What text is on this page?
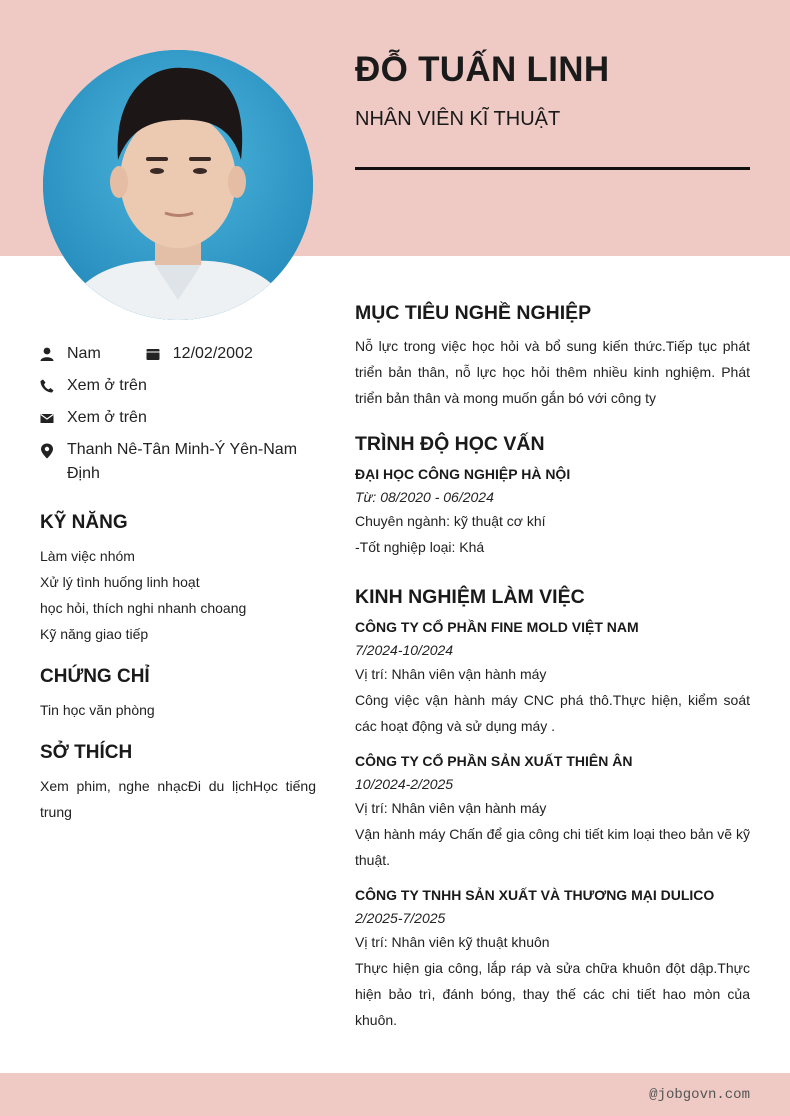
ĐỖ TUẤN LINH
NHÂN VIÊN KĨ THUẬT
Nam	12/02/2002
Xem ở trên
Xem ở trên
Thanh Nê-Tân Minh-Ý Yên-Nam Định
KỸ NĂNG
Làm việc nhóm
Xử lý tình huống linh hoạt
học hỏi, thích nghi nhanh choang
Kỹ năng giao tiếp
CHỨNG CHỈ
Tin học văn phòng
SỞ THÍCH
Xem phim, nghe nhạcĐi du lịchHọc tiếng trung
MỤC TIÊU NGHỀ NGHIỆP
Nỗ lực trong việc học hỏi và bổ sung kiến thức.Tiếp tục phát triển bản thân, nỗ lực học hỏi thêm nhiều kinh nghiệm. Phát triển bản thân và mong muốn gắn bó với công ty
TRÌNH ĐỘ HỌC VẤN
ĐẠI HỌC CÔNG NGHIỆP HÀ NỘI
Từ: 08/2020 - 06/2024
Chuyên ngành: kỹ thuật cơ khí
-Tốt nghiệp loại: Khá
KINH NGHIỆM LÀM VIỆC
CÔNG TY CỔ PHẦN FINE MOLD VIỆT NAM
7/2024-10/2024
Vị trí: Nhân viên vận hành máy
Công việc vận hành máy CNC phá thô.Thực hiện, kiểm soát các hoạt động và sử dụng máy .
CÔNG TY CỔ PHẦN SẢN XUẤT THIÊN ÂN
10/2024-2/2025
Vị trí: Nhân viên vận hành máy
Vận hành máy Chấn để gia công chi tiết kim loại theo bản vẽ kỹ thuật.
CÔNG TY TNHH SẢN XUẤT VÀ THƯƠNG MẠI DULICO
2/2025-7/2025
Vị trí: Nhân viên kỹ thuật khuôn
Thực hiện gia công, lắp ráp và sửa chữa khuôn đột dập.Thực hiện bảo trì, đánh bóng, thay thế các chi tiết hao mòn của khuôn.
@jobgovn.com
